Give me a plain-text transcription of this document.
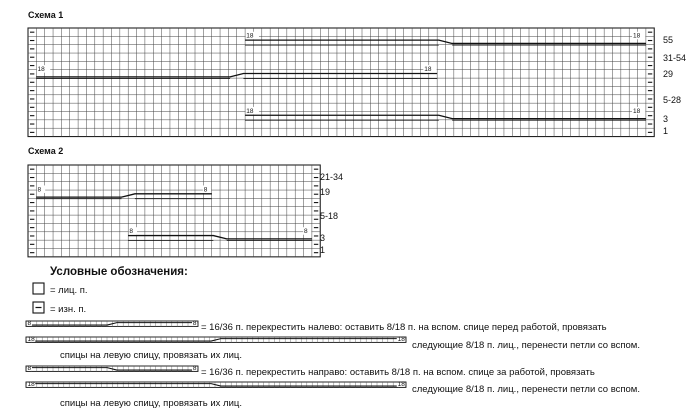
Схема 1
Схема 2
18	18
18	18
18	18
8	8
8	8
8	8
18	18
8	8
18	18
55
31-54
29
5-28
3
1
21-34
19
5-18
3
1
Условные обозначения:
= лиц. п.
= изн. п.
= 16/36 п. перекрестить налево: оставить 8/18 п. на вспом. спице перед работой, провязать
следующие 8/18 п. лиц., перенести петли со вспом.
спицы на левую спицу, провязать их лиц.
= 16/36 п. перекрестить направо: оставить 8/18 п. на вспом. спице за работой, провязать
следующие 8/18 п. лиц., перенести петли со вспом.
спицы на левую спицу, провязать их лиц.
